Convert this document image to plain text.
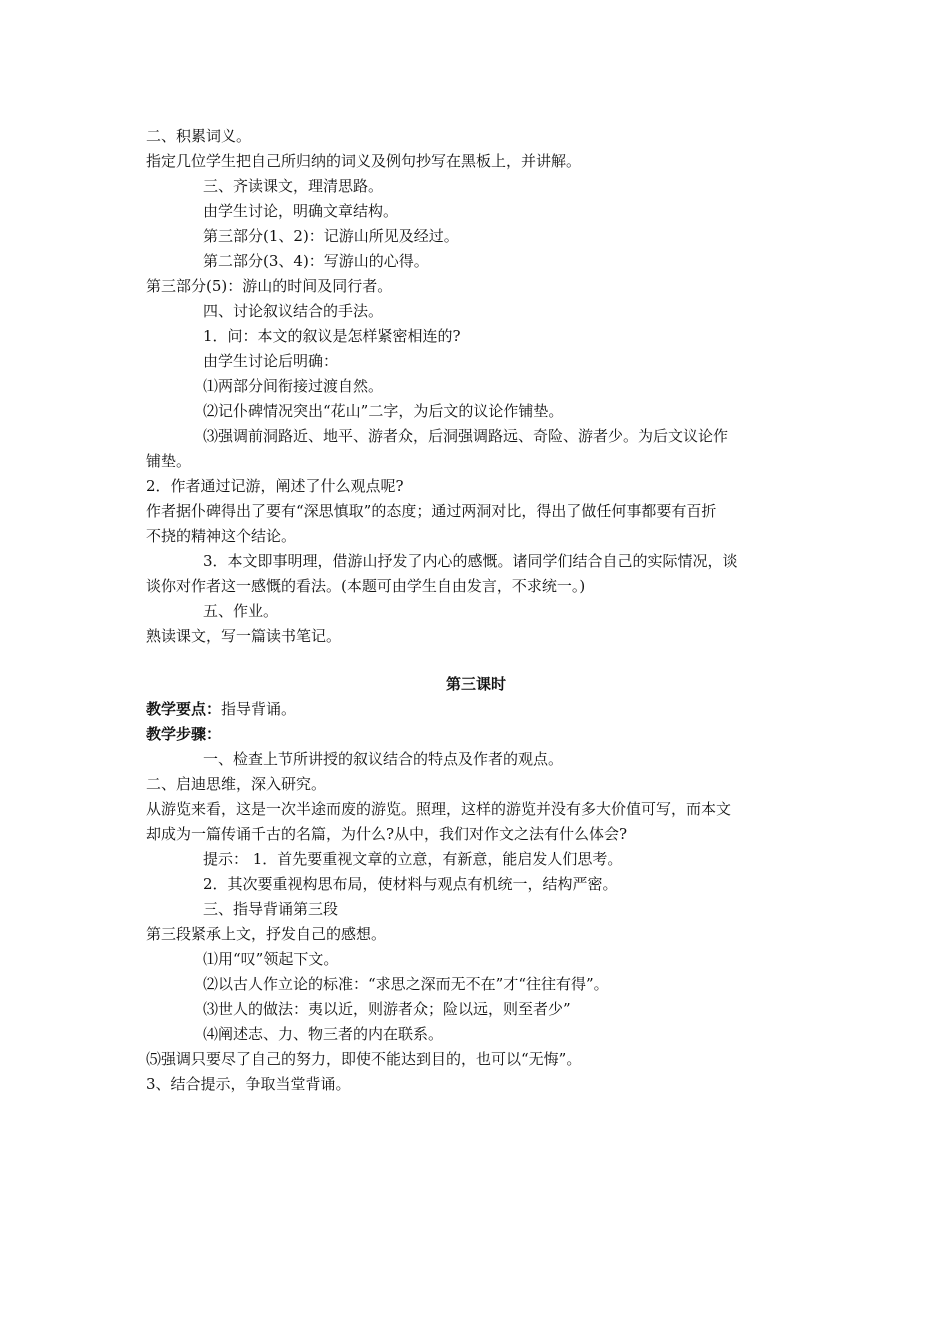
二、积累词义。
指定几位学生把自己所归纳的词义及例句抄写在黑板上，并讲解。
三、齐读课文，理清思路。
由学生讨论，明确文章结构。
第三部分(1、2)：记游山所见及经过。
第二部分(3、4)：写游山的心得。
第三部分(5)：游山的时间及同行者。
四、讨论叙议结合的手法。
1．问：本文的叙议是怎样紧密相连的?
由学生讨论后明确：
⑴两部分间衔接过渡自然。
⑵记仆碑情况突出“花山”二字，为后文的议论作铺垫。
⑶强调前洞路近、地平、游者众，后洞强调路远、奇险、游者少。为后文议论作
铺垫。
2．作者通过记游，阐述了什么观点呢?
作者据仆碑得出了要有“深思慎取”的态度；通过两洞对比，得出了做任何事都要有百折
不挠的精神这个结论。
3．本文即事明理，借游山抒发了内心的感慨。诸同学们结合自己的实际情况，谈
谈你对作者这一感慨的看法。(本题可由学生自由发言，不求统一。)
五、作业。
熟读课文，写一篇读书笔记。
第三课时
教学要点：指导背诵。
教学步骤：
一、检查上节所讲授的叙议结合的特点及作者的观点。
二、启迪思维，深入研究。
从游览来看，这是一次半途而废的游览。照理，这样的游览并没有多大价值可写，而本文
却成为一篇传诵千古的名篇，为什么?从中，我们对作文之法有什么体会?
提示： 1．首先要重视文章的立意，有新意，能启发人们思考。
2．其次要重视构思布局，使材料与观点有机统一，结构严密。
三、指导背诵第三段
第三段紧承上文，抒发自己的感想。
⑴用“叹”领起下文。
⑵以古人作立论的标准：“求思之深而无不在”才“往往有得”。
⑶世人的做法：夷以近，则游者众；险以远，则至者少”
⑷阐述志、力、物三者的内在联系。
⑸强调只要尽了自己的努力，即使不能达到目的，也可以“无悔”。
3、结合提示，争取当堂背诵。
